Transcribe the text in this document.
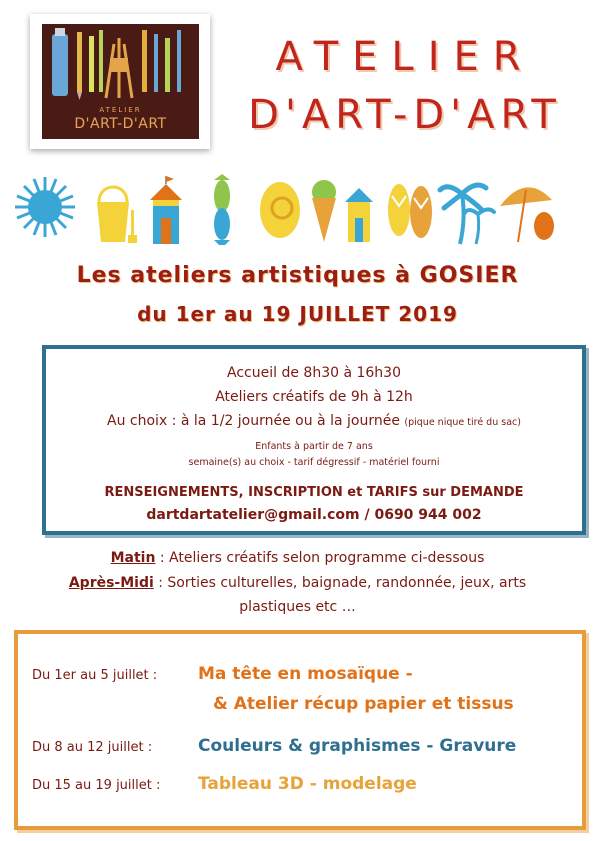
ATELIER
D'ART-D'ART
ATELIER
D'ART-D'ART
Les ateliers artistiques à GOSIER
du 1er au 19 JUILLET 2019
Accueil de 8h30 à 16h30
Ateliers créatifs de 9h à 12h
Au choix : à la 1/2 journée ou à la journée (pique nique tiré du sac)
Enfants à partir de 7 ans
semaine(s) au choix - tarif dégressif - matériel fourni
RENSEIGNEMENTS, INSCRIPTION et TARIFS sur DEMANDE
dartdartatelier@gmail.com / 0690 944 002
Matin : Ateliers créatifs selon programme ci-dessous
Après-Midi : Sorties culturelles, baignade, randonnée, jeux, arts
plastiques etc …
Du 1er au 5 juillet : Ma tête en mosaïque -
& Atelier récup papier et tissus
Du 8 au 12 juillet :	Couleurs & graphismes - Gravure
Du 15 au 19 juillet : Tableau 3D - modelage
